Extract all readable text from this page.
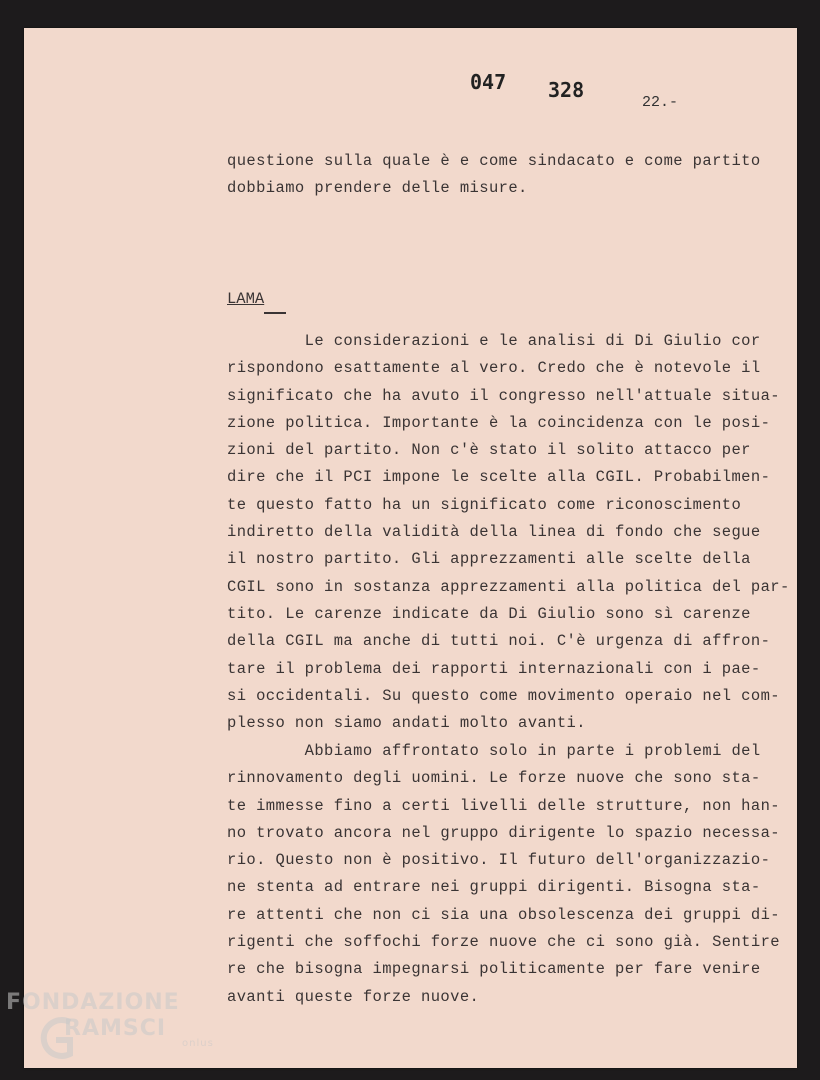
047 328
22.-
questione sulla quale è e come sindacato e come partito
dobbiamo prendere delle misure.
LAMA
Le considerazioni e le analisi di Di Giulio cor
rispondono esattamente al vero. Credo che è notevole il
significato che ha avuto il congresso nell'attuale situa-
zione politica. Importante è la coincidenza con le posi-
zioni del partito. Non c'è stato il solito attacco per
dire che il PCI impone le scelte alla CGIL. Probabilmen-
te questo fatto ha un significato come riconoscimento
indiretto della validità della linea di fondo che segue
il nostro partito. Gli apprezzamenti alle scelte della
CGIL sono in sostanza apprezzamenti alla politica del par-
tito. Le carenze indicate da Di Giulio sono sì carenze
della CGIL ma anche di tutti noi. C'è urgenza di affron-
tare il problema dei rapporti internazionali con i pae-
si occidentali. Su questo come movimento operaio nel com-
plesso non siamo andati molto avanti.
Abbiamo affrontato solo in parte i problemi del
rinnovamento degli uomini. Le forze nuove che sono sta-
te immesse fino a certi livelli delle strutture, non han-
no trovato ancora nel gruppo dirigente lo spazio necessa-
rio. Questo non è positivo. Il futuro dell'organizzazio-
ne stenta ad entrare nei gruppi dirigenti. Bisogna sta-
re attenti che non ci sia una obsolescenza dei gruppi di-
rigenti che soffochi forze nuove che ci sono già. Sentire
re che bisogna impegnarsi politicamente per fare venire
avanti queste forze nuove.
FONDAZIONE
RAMSCI
onlus
